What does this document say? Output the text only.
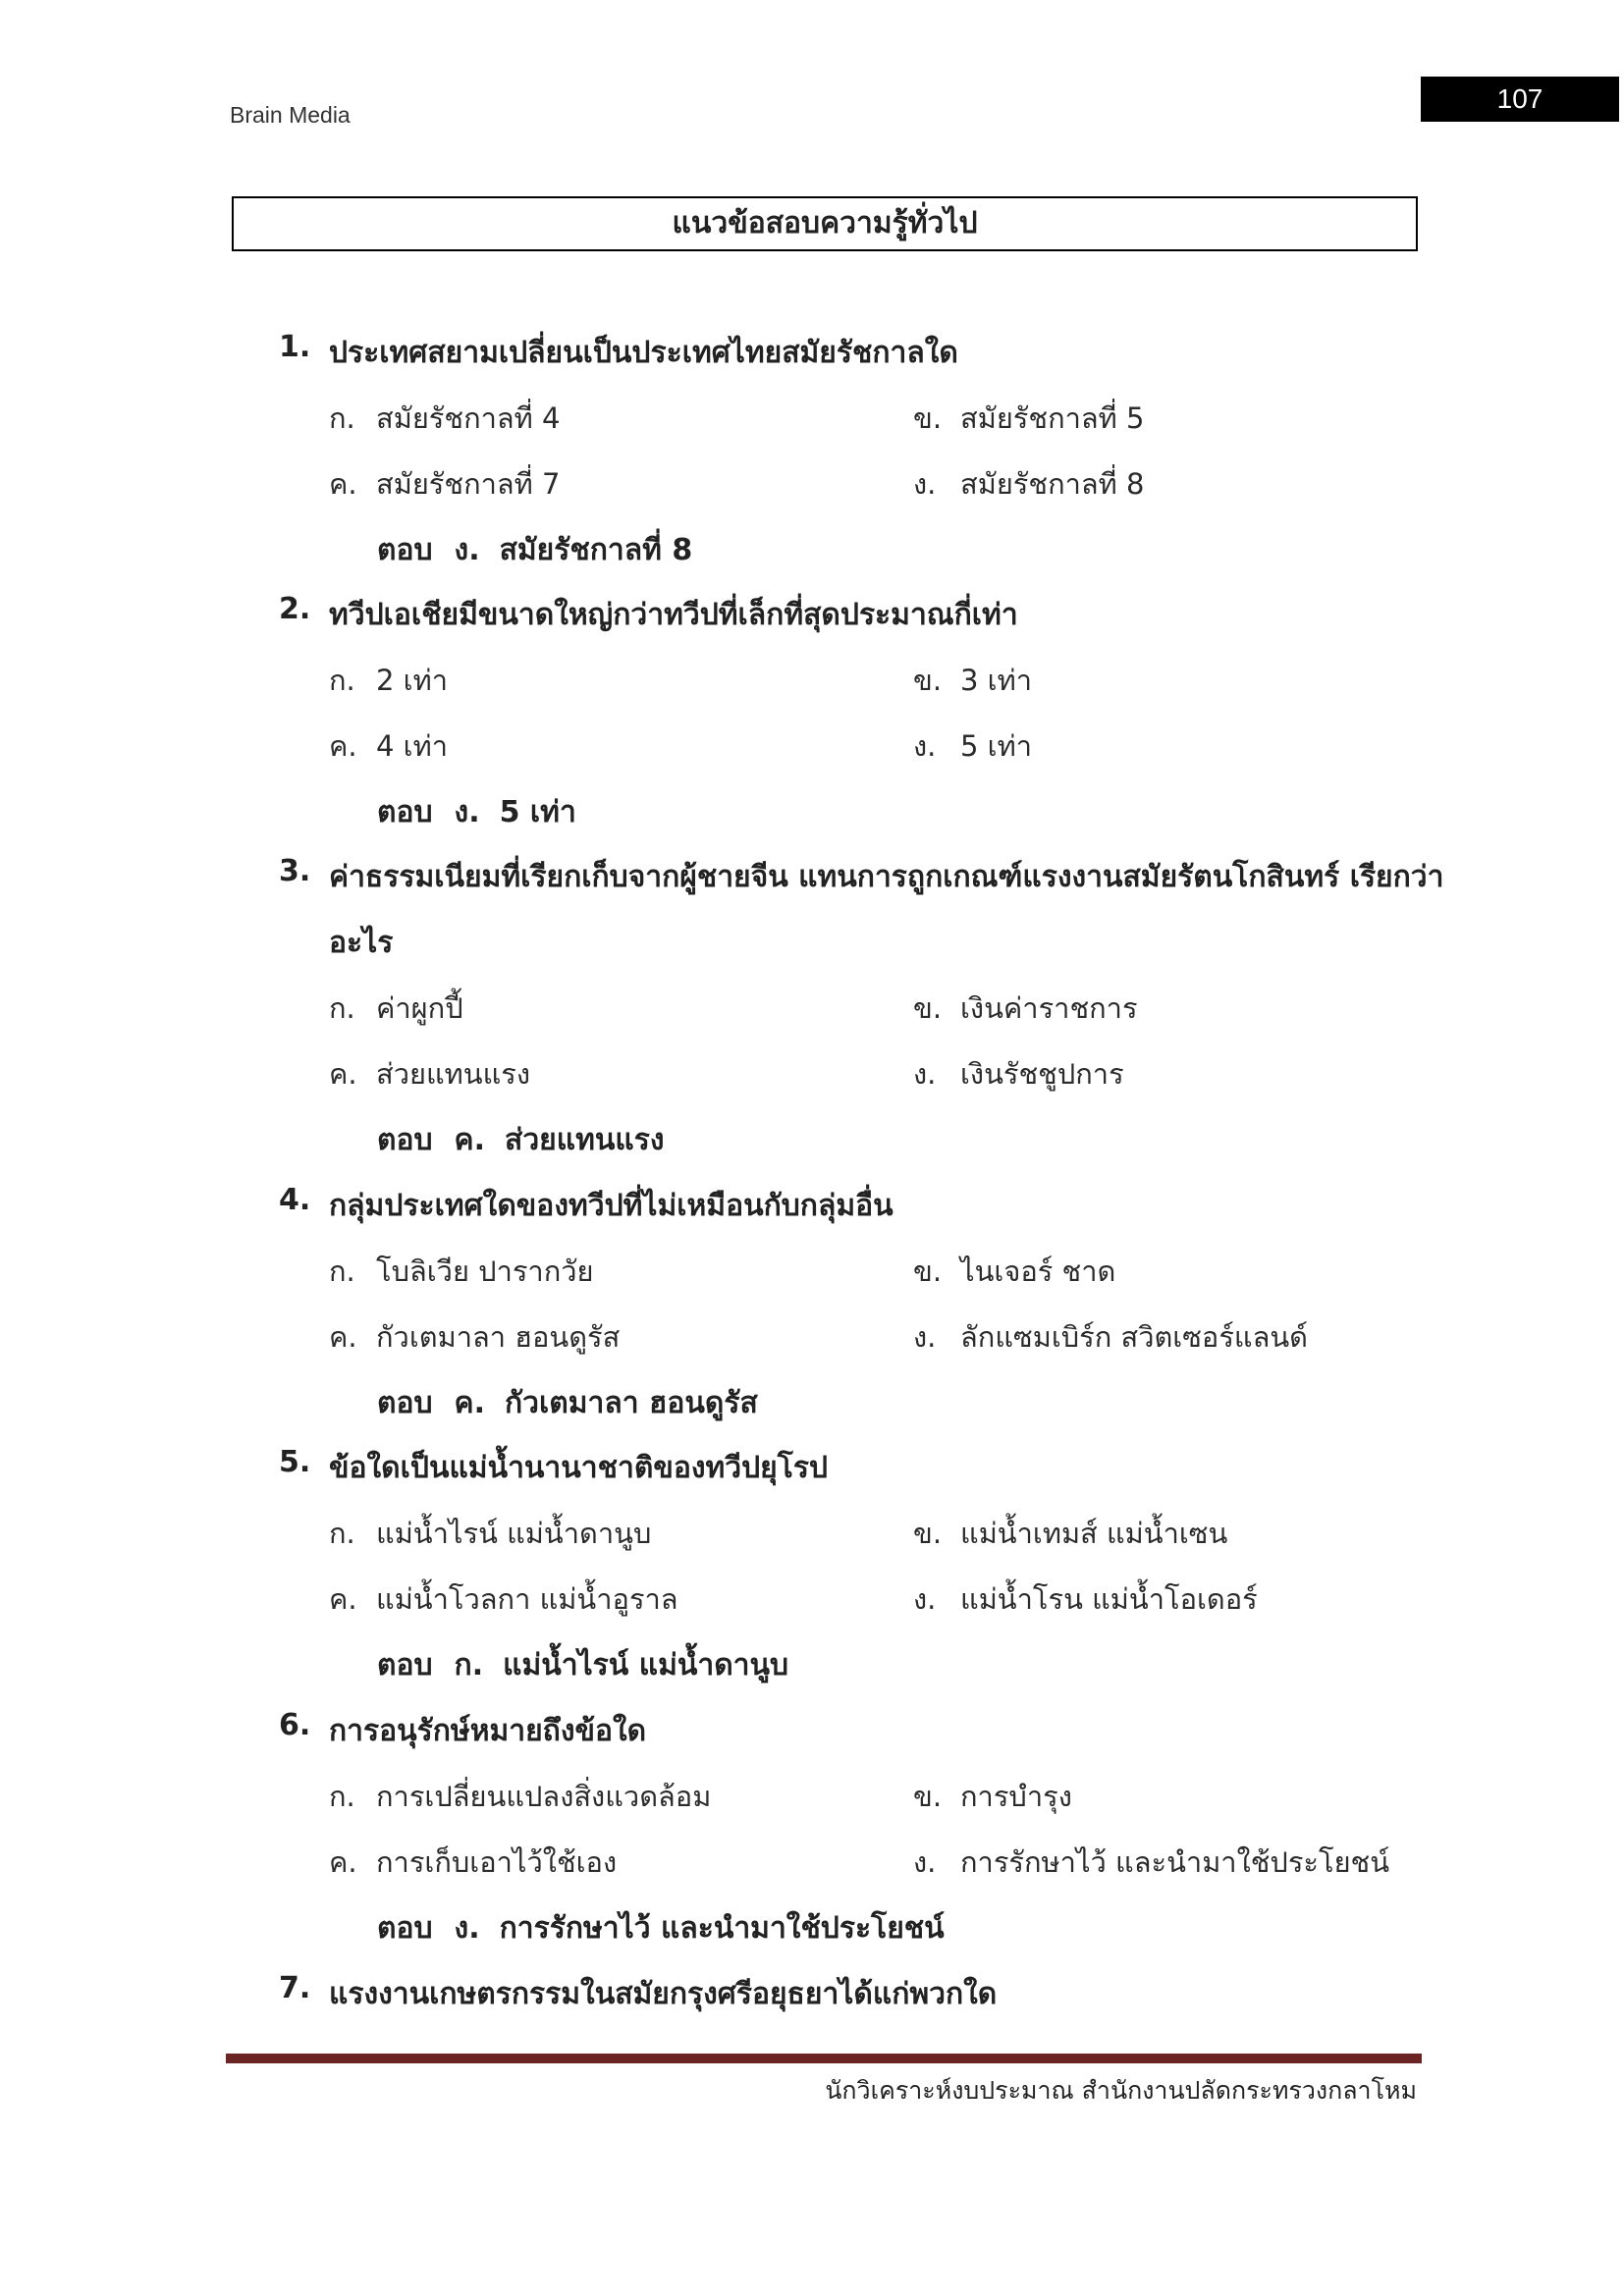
Brain Media
107
แนวข้อสอบความรู้ทั่วไป
1. ประเทศสยามเปลี่ยนเป็นประเทศไทยสมัยรัชกาลใด
ก. สมัยรัชกาลที่ 4	ข. สมัยรัชกาลที่ 5
ค. สมัยรัชกาลที่ 7	ง. สมัยรัชกาลที่ 8
ตอบ ง. สมัยรัชกาลที่ 8
2. ทวีปเอเชียมีขนาดใหญ่กว่าทวีปที่เล็กที่สุดประมาณกี่เท่า
ก. 2 เท่า	ข. 3 เท่า
ค. 4 เท่า	ง. 5 เท่า
ตอบ ง. 5 เท่า
3. ค่าธรรมเนียมที่เรียกเก็บจากผู้ชายจีน แทนการถูกเกณฑ์แรงงานสมัยรัตนโกสินทร์ เรียกว่า
อะไร
ก. ค่าผูกปี้	ข. เงินค่าราชการ
ค. ส่วยแทนแรง	ง. เงินรัชชูปการ
ตอบ ค. ส่วยแทนแรง
4. กลุ่มประเทศใดของทวีปที่ไม่เหมือนกับกลุ่มอื่น
ก. โบลิเวีย ปารากวัย	ข. ไนเจอร์ ชาด
ค. กัวเตมาลา ฮอนดูรัส	ง. ลักแซมเบิร์ก สวิตเซอร์แลนด์
ตอบ ค. กัวเตมาลา ฮอนดูรัส
5. ข้อใดเป็นแม่น้ำนานาชาติของทวีปยุโรป
ก. แม่น้ำไรน์ แม่น้ำดานูบ	ข. แม่น้ำเทมส์ แม่น้ำเซน
ค. แม่น้ำโวลกา แม่น้ำอูราล	ง. แม่น้ำโรน แม่น้ำโอเดอร์
ตอบ ก. แม่น้ำไรน์ แม่น้ำดานูบ
6. การอนุรักษ์หมายถึงข้อใด
ก. การเปลี่ยนแปลงสิ่งแวดล้อม	ข. การบำรุง
ค. การเก็บเอาไว้ใช้เอง	ง. การรักษาไว้ และนำมาใช้ประโยชน์
ตอบ ง. การรักษาไว้ และนำมาใช้ประโยชน์
7. แรงงานเกษตรกรรมในสมัยกรุงศรีอยุธยาได้แก่พวกใด
นักวิเคราะห์งบประมาณ สำนักงานปลัดกระทรวงกลาโหม
